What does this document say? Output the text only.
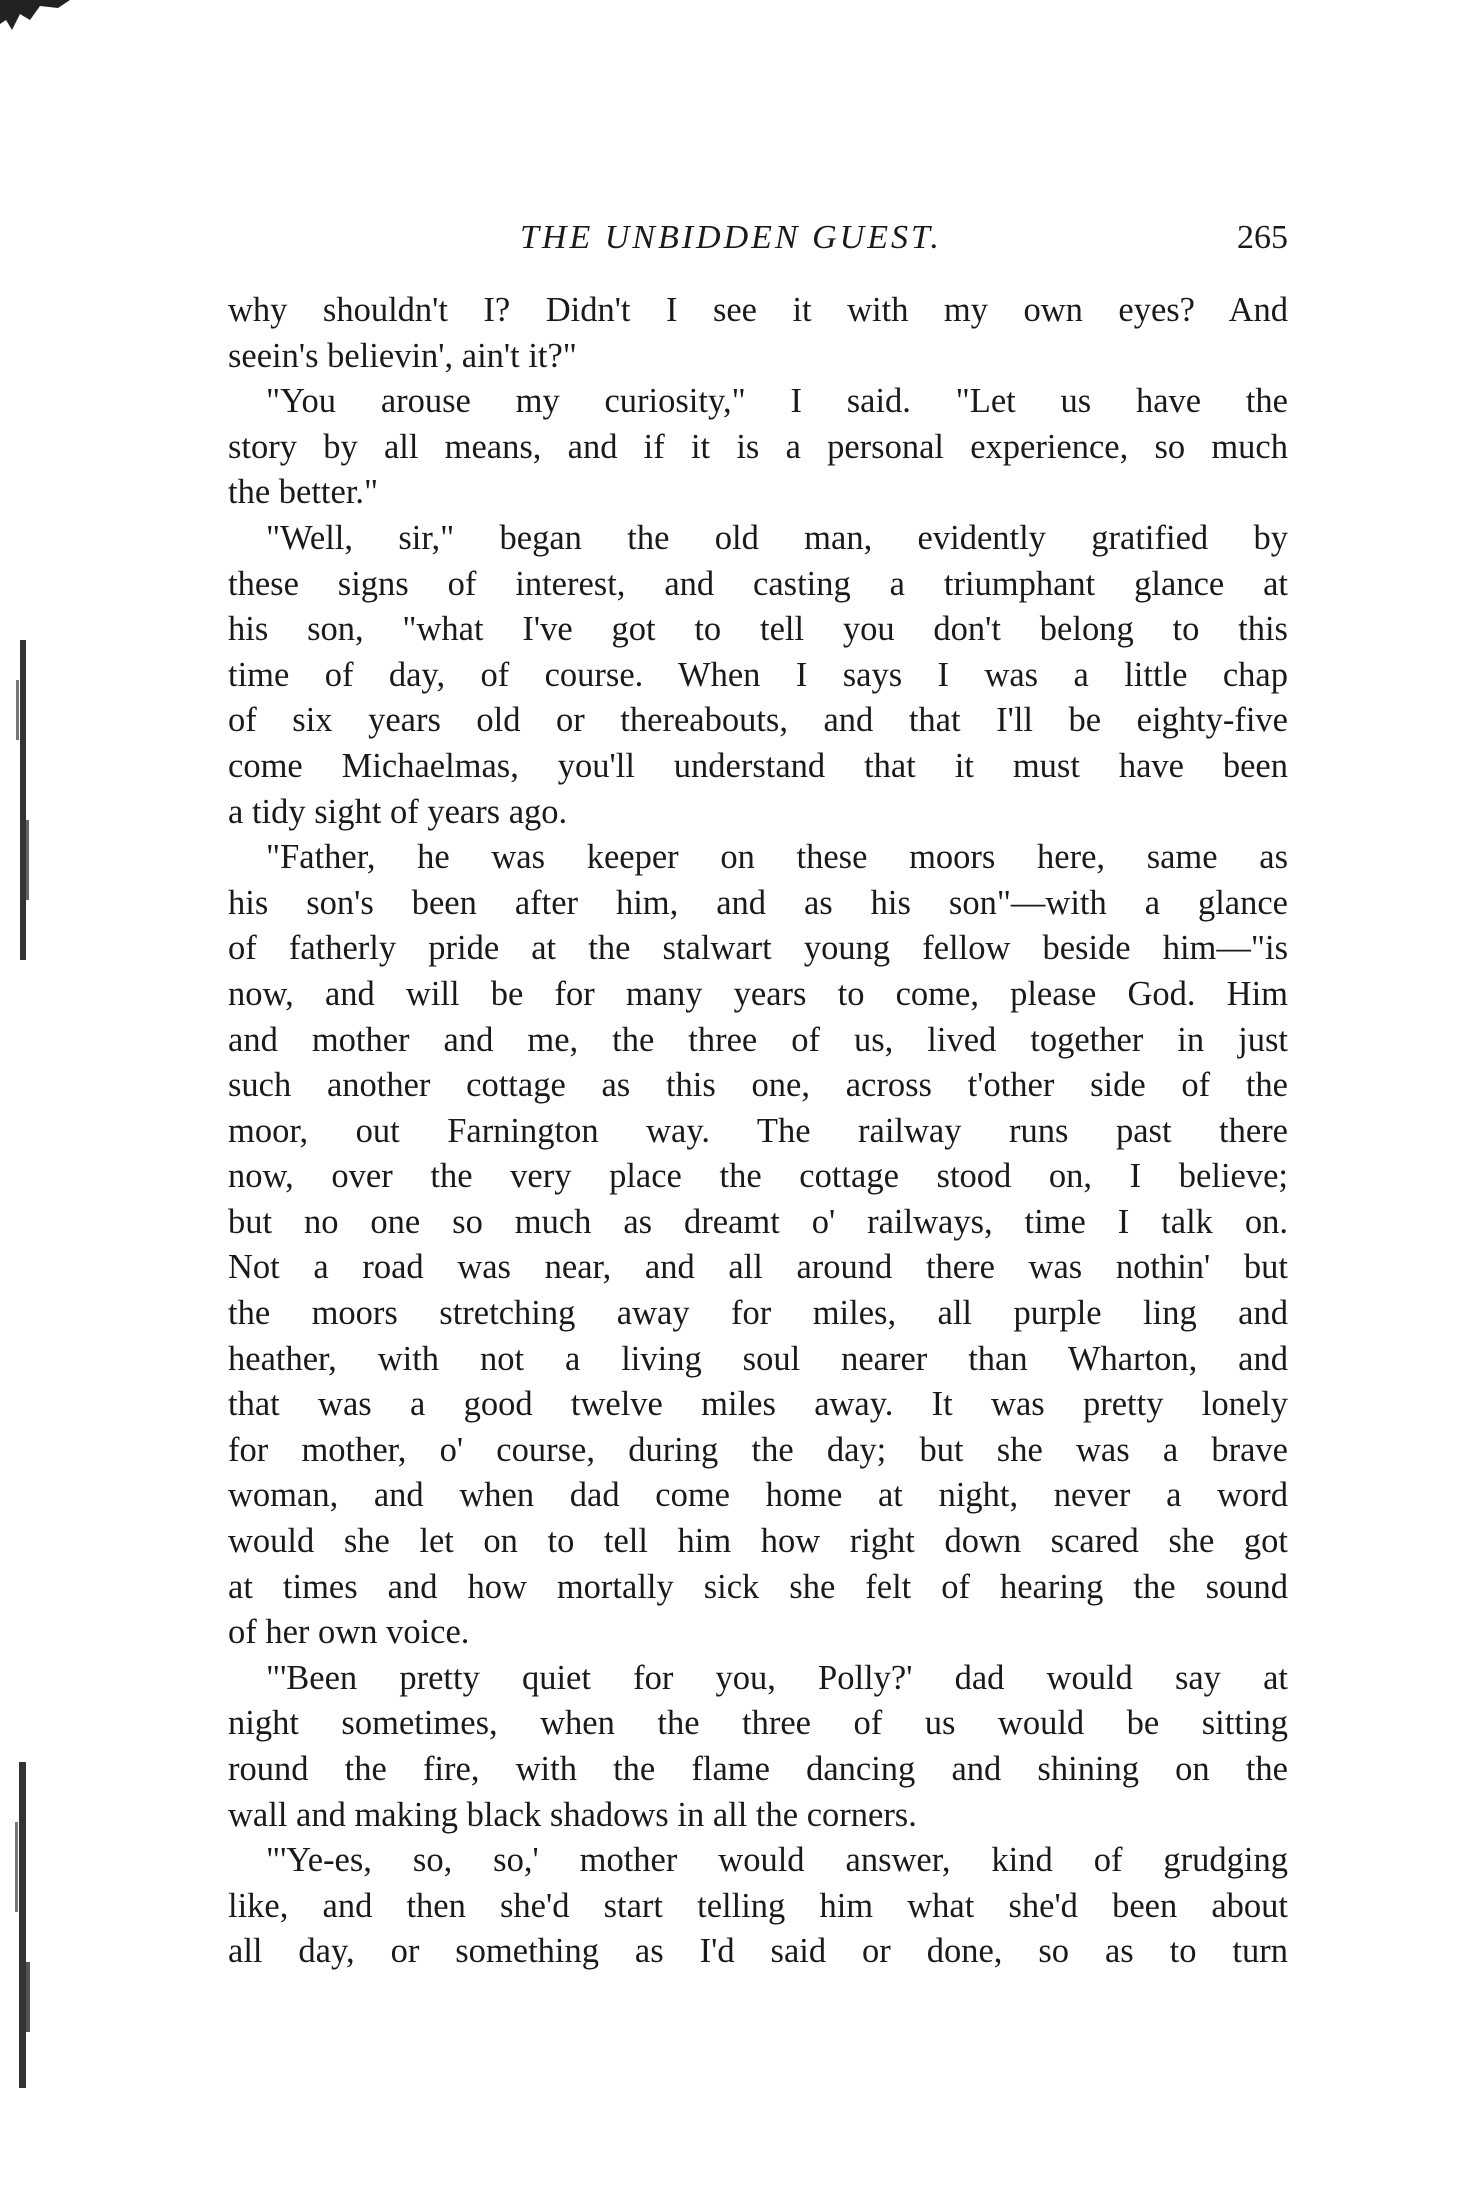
THE UNBIDDEN GUEST.	265

why shouldn't I? Didn't I see it with my own eyes? And

seein's believin', ain't it?"

"You arouse my curiosity," I said. "Let us have the

story by all means, and if it is a personal experience, so much

the better."

"Well, sir," began the old man, evidently gratified by

these signs of interest, and casting a triumphant glance at

his son, "what I've got to tell you don't belong to this

time of day, of course. When I says I was a little chap

of six years old or thereabouts, and that I'll be eighty-five

come Michaelmas, you'll understand that it must have been

a tidy sight of years ago.

"Father, he was keeper on these moors here, same as

his son's been after him, and as his son"—with a glance

of fatherly pride at the stalwart young fellow beside him—"is

now, and will be for many years to come, please God. Him

and mother and me, the three of us, lived together in just

such another cottage as this one, across t'other side of the

moor, out Farnington way. The railway runs past there

now, over the very place the cottage stood on, I believe;

but no one so much as dreamt o' railways, time I talk on.

Not a road was near, and all around there was nothin' but

the moors stretching away for miles, all purple ling and

heather, with not a living soul nearer than Wharton, and

that was a good twelve miles away. It was pretty lonely

for mother, o' course, during the day; but she was a brave

woman, and when dad come home at night, never a word

would she let on to tell him how right down scared she got

at times and how mortally sick she felt of hearing the sound

of her own voice.

"'Been pretty quiet for you, Polly?' dad would say at

night sometimes, when the three of us would be sitting

round the fire, with the flame dancing and shining on the

wall and making black shadows in all the corners.

"'Ye-es, so, so,' mother would answer, kind of grudging

like, and then she'd start telling him what she'd been about

all day, or something as I'd said or done, so as to turn
